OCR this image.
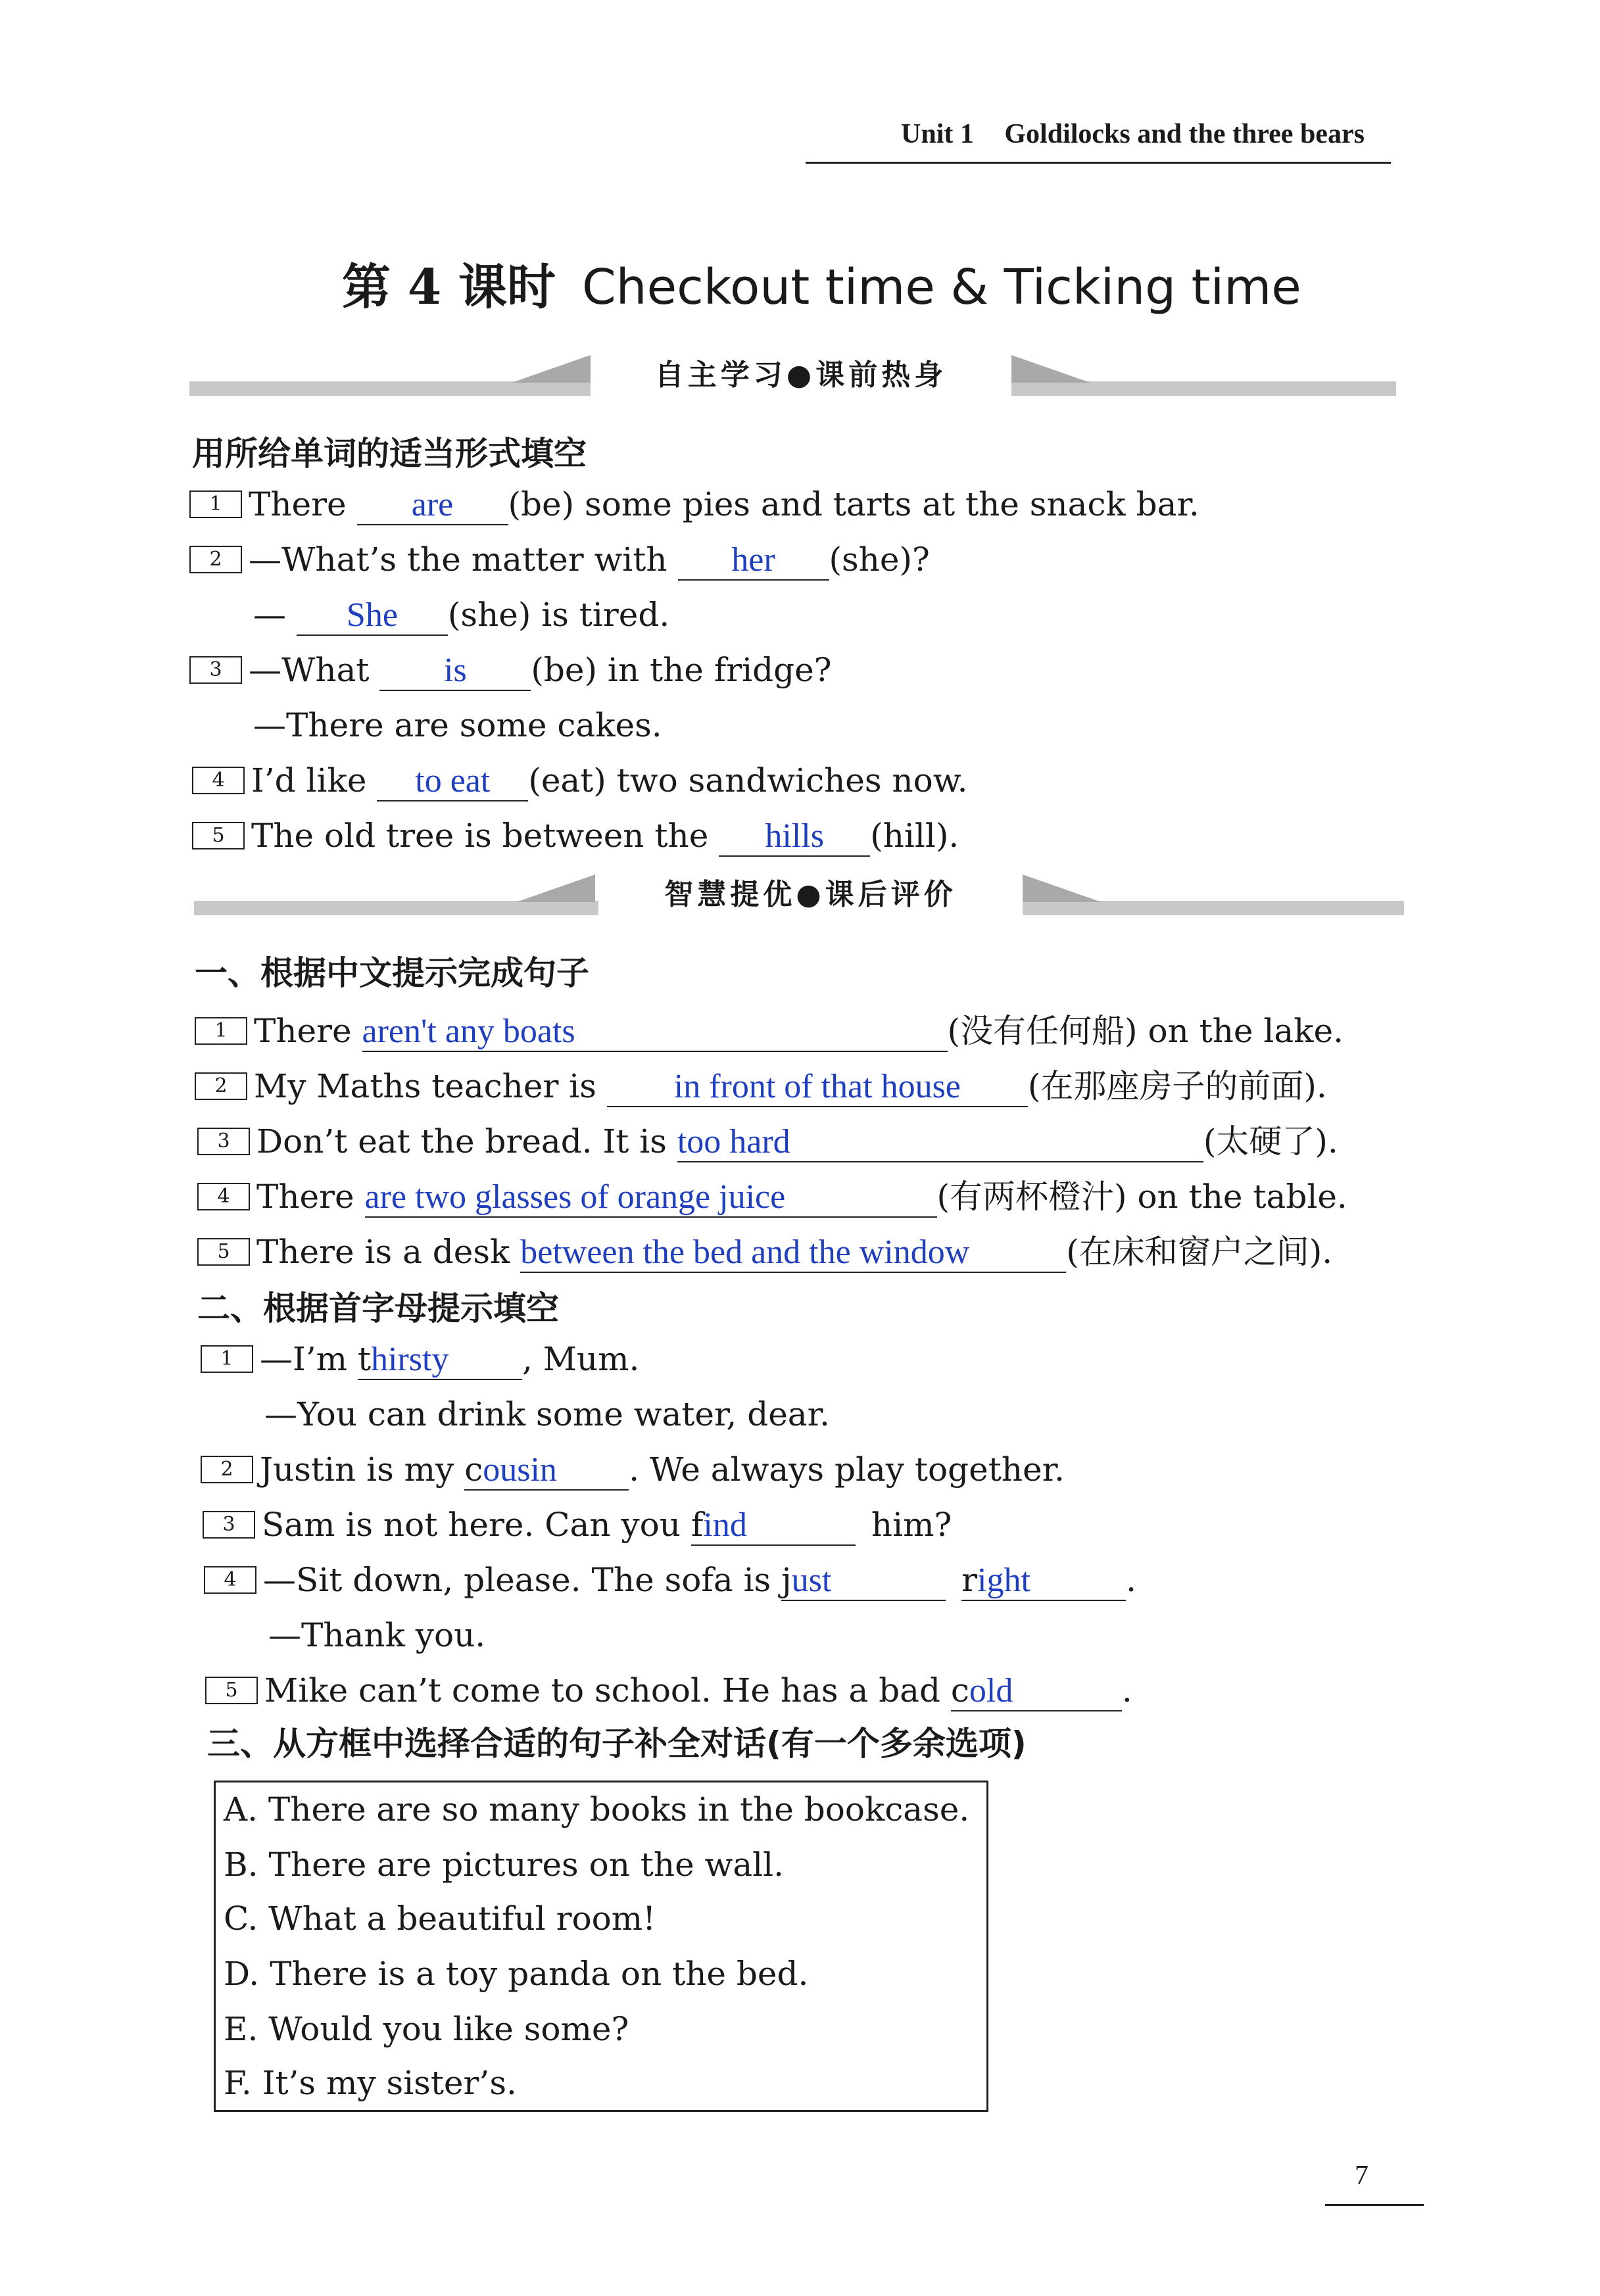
Unit 1 Goldilocks and the three bears
第 4 课时 Checkout time & Ticking time
自主学习●课前热身
用所给单词的适当形式填空
1 There are (be) some pies and tarts at the snack bar.
2 —What’s the matter with her (she)?
— She (she) is tired.
3 —What is (be) in the fridge?
—There are some cakes.
4 I’d like to eat (eat) two sandwiches now.
5 The old tree is between the hills (hill).
智慧提优●课后评价
一、根据中文提示完成句子
1 There aren't any boats	(没有任何船) on the lake.
2 My Maths teacher is in front of that house (在那座房子的前面).
3 Don’t eat the bread. It is too hard	(太硬了).
4 There are two glasses of orange juice	(有两杯橙汁) on the table.
5 There is a desk between the bed and the window	(在床和窗户之间).
二、根据首字母提示填空
1 —I’m thirsty , Mum.
—You can drink some water, dear.
2 Justin is my cousin . We always play together.
3 Sam is not here. Can you find	him?
4 —Sit down, please. The sofa is just	right	.
—Thank you.
5 Mike can’t come to school. He has a bad cold	.
三、从方框中选择合适的句子补全对话(有一个多余选项)
A. There are so many books in the bookcase.
B. There are pictures on the wall.
C. What a beautiful room!
D. There is a toy panda on the bed.
E. Would you like some?
F. It’s my sister’s.
7
